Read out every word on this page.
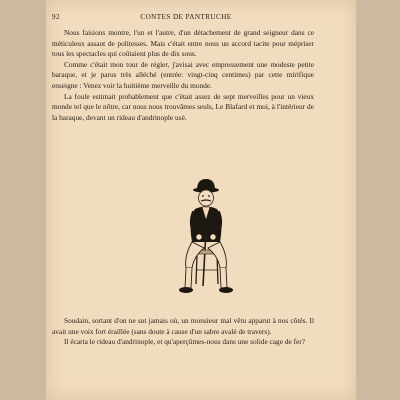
92	CONTES DE PANTRUCHE

Nous faisions montre, l'un et l'autre, d'un détachement de grand seigneur dans ce méticuleux assaut de politesses. Mais c'était entre nous un accord tacite pour mépriser tous les spectacles qui coûtaient plus de dix sous.

Comme c'était mon tour de régler, j'avisai avec empressement une modeste petite baraque, et je parus très alléché (entrée: vingt-cinq centimes) par cette mirifique enseigne : Venez voir la huitième merveille du monde.

La foule estimait probablement que c'était assez de sept merveilles pour un vieux monde tel que le nôtre, car nous nous trouvâmes seuls, Le Blafard et moi, à l'intérieur de la baraque, devant un rideau d'andrinople usé.

Soudain, sortant d'on ne sut jamais où, un monsieur mal vêtu apparut à nos côtés. Il avait une voix fort éraillée (sans doute à cause d'un sabre avalé de travers).

Il écarta le rideau d'andrinople, et qu'aperçûmes-nous dans une solide cage de fer?
